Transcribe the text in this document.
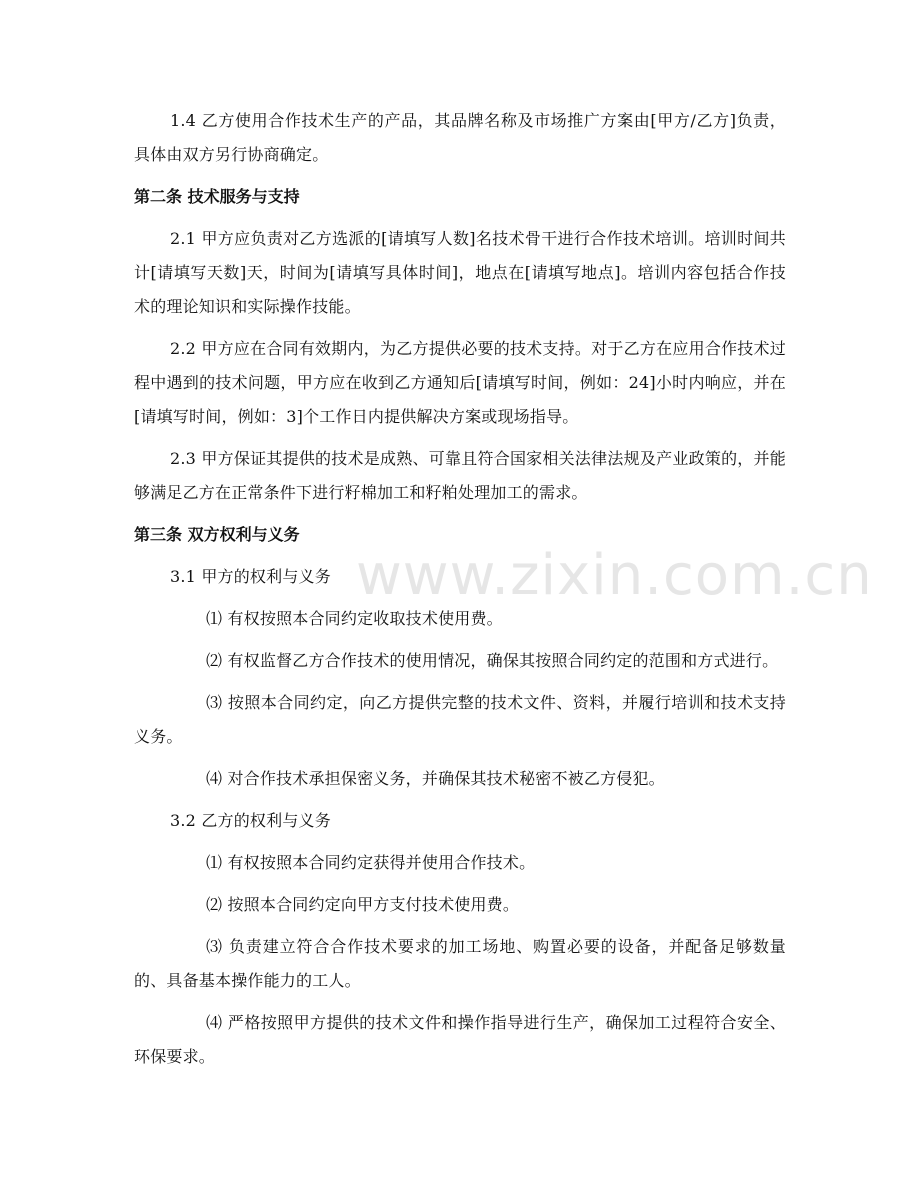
www.zixin.com.cn

1.4 乙方使用合作技术生产的产品，其品牌名称及市场推广方案由[甲方/乙方]负责，具体由双方另行协商确定。

第二条 技术服务与支持

2.1 甲方应负责对乙方选派的[请填写人数]名技术骨干进行合作技术培训。培训时间共计[请填写天数]天，时间为[请填写具体时间]，地点在[请填写地点]。培训内容包括合作技术的理论知识和实际操作技能。

2.2 甲方应在合同有效期内，为乙方提供必要的技术支持。对于乙方在应用合作技术过程中遇到的技术问题，甲方应在收到乙方通知后[请填写时间，例如：24]小时内响应，并在[请填写时间，例如：3]个工作日内提供解决方案或现场指导。

2.3 甲方保证其提供的技术是成熟、可靠且符合国家相关法律法规及产业政策的，并能够满足乙方在正常条件下进行籽棉加工和籽粕处理加工的需求。

第三条 双方权利与义务

3.1 甲方的权利与义务

⑴ 有权按照本合同约定收取技术使用费。

⑵ 有权监督乙方合作技术的使用情况，确保其按照合同约定的范围和方式进行。

⑶ 按照本合同约定，向乙方提供完整的技术文件、资料，并履行培训和技术支持义务。

⑷ 对合作技术承担保密义务，并确保其技术秘密不被乙方侵犯。

3.2 乙方的权利与义务

⑴ 有权按照本合同约定获得并使用合作技术。

⑵ 按照本合同约定向甲方支付技术使用费。

⑶ 负责建立符合合作技术要求的加工场地、购置必要的设备，并配备足够数量的、具备基本操作能力的工人。

⑷ 严格按照甲方提供的技术文件和操作指导进行生产，确保加工过程符合安全、环保要求。
